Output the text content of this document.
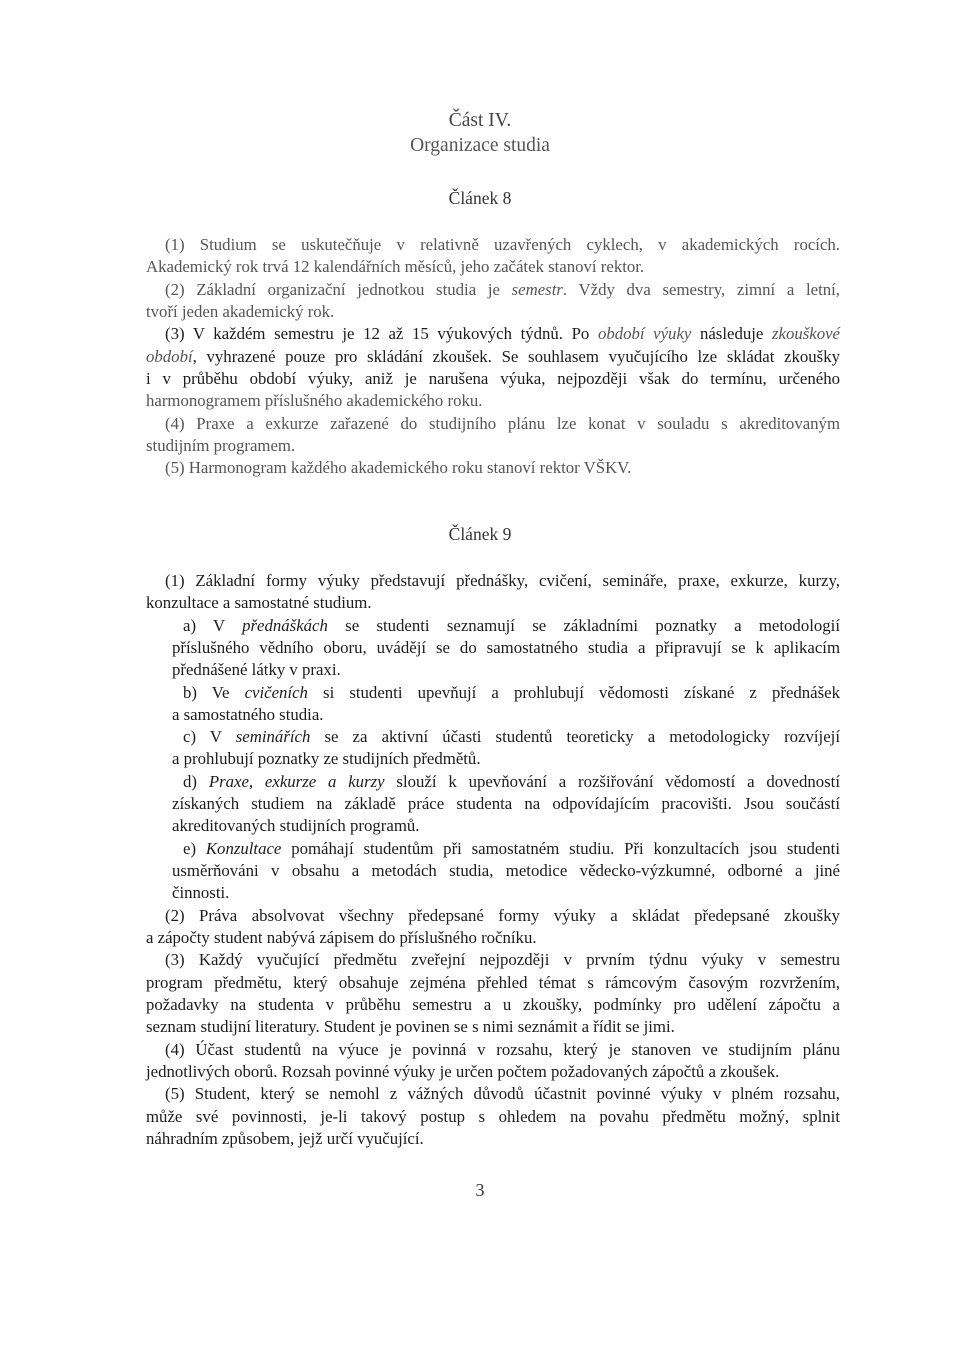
Část IV.
Organizace studia
Článek 8
(1) Studium se uskutečňuje v relativně uzavřených cyklech, v akademických rocích.
Akademický rok trvá 12 kalendářních měsíců, jeho začátek stanoví rektor.
(2) Základní organizační jednotkou studia je semestr. Vždy dva semestry, zimní a letní,
tvoří jeden akademický rok.
(3) V každém semestru je 12 až 15 výukových týdnů. Po období výuky následuje zkouškové
období, vyhrazené pouze pro skládání zkoušek. Se souhlasem vyučujícího lze skládat zkoušky
i v průběhu období výuky, aniž je narušena výuka, nejpozději však do termínu, určeného
harmonogramem příslušného akademického roku.
(4) Praxe a exkurze zařazené do studijního plánu lze konat v souladu s akreditovaným
studijním programem.
(5) Harmonogram každého akademického roku stanoví rektor VŠKV.
Článek 9
(1) Základní formy výuky představují přednášky, cvičení, semináře, praxe, exkurze, kurzy,
konzultace a samostatné studium.
a) V přednáškách se studenti seznamují se základními poznatky a metodologií
příslušného vědního oboru, uvádějí se do samostatného studia a připravují se k aplikacím
přednášené látky v praxi.
b) Ve cvičeních si studenti upevňují a prohlubují vědomosti získané z přednášek
a samostatného studia.
c) V seminářích se za aktivní účasti studentů teoreticky a metodologicky rozvíjejí
a prohlubují poznatky ze studijních předmětů.
d) Praxe, exkurze a kurzy slouží k upevňování a rozšiřování vědomostí a dovedností
získaných studiem na základě práce studenta na odpovídajícím pracovišti. Jsou součástí
akreditovaných studijních programů.
e) Konzultace pomáhají studentům při samostatném studiu. Při konzultacích jsou studenti
usměrňováni v obsahu a metodách studia, metodice vědecko-výzkumné, odborné a jiné
činnosti.
(2) Práva absolvovat všechny předepsané formy výuky a skládat předepsané zkoušky
a zápočty student nabývá zápisem do příslušného ročníku.
(3) Každý vyučující předmětu zveřejní nejpozději v prvním týdnu výuky v semestru
program předmětu, který obsahuje zejména přehled témat s rámcovým časovým rozvržením,
požadavky na studenta v průběhu semestru a u zkoušky, podmínky pro udělení zápočtu a
seznam studijní literatury. Student je povinen se s nimi seznámit a řídit se jimi.
(4) Účast studentů na výuce je povinná v rozsahu, který je stanoven ve studijním plánu
jednotlivých oborů. Rozsah povinné výuky je určen počtem požadovaných zápočtů a zkoušek.
(5) Student, který se nemohl z vážných důvodů účastnit povinné výuky v plném rozsahu,
může své povinnosti, je-li takový postup s ohledem na povahu předmětu možný, splnit
náhradním způsobem, jejž určí vyučující.
3
